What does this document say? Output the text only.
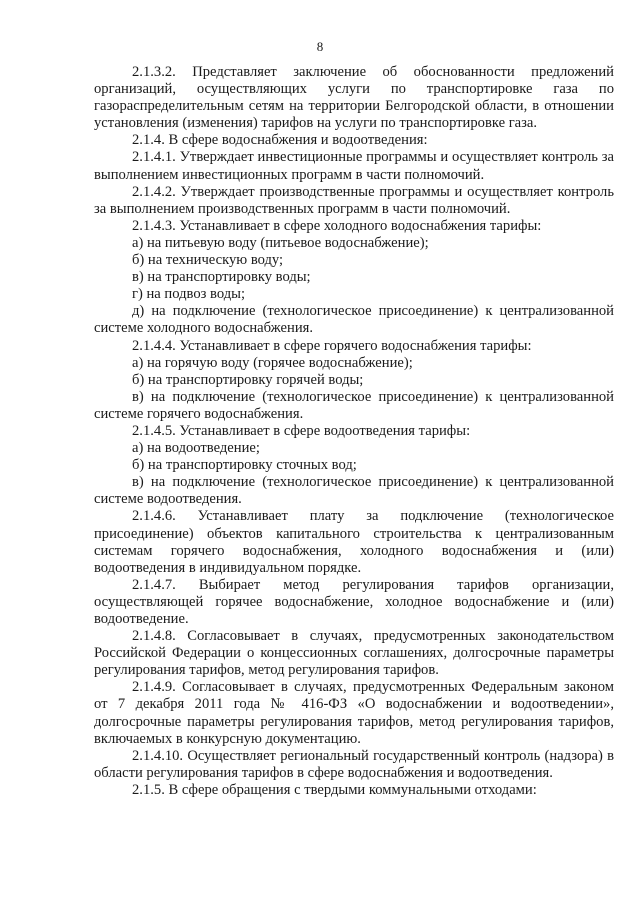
8

2.1.3.2. Представляет заключение об обоснованности предложений организаций, осуществляющих услуги по транспортировке газа по газораспределительным сетям на территории Белгородской области, в отношении установления (изменения) тарифов на услуги по транспортировке газа.

2.1.4. В сфере водоснабжения и водоотведения:

2.1.4.1. Утверждает инвестиционные программы и осуществляет контроль за выполнением инвестиционных программ в части полномочий.

2.1.4.2. Утверждает производственные программы и осуществляет контроль за выполнением производственных программ в части полномочий.

2.1.4.3. Устанавливает в сфере холодного водоснабжения тарифы:

а) на питьевую воду (питьевое водоснабжение);

б) на техническую воду;

в) на транспортировку воды;

г) на подвоз воды;

д) на подключение (технологическое присоединение) к централизованной системе холодного водоснабжения.

2.1.4.4. Устанавливает в сфере горячего водоснабжения тарифы:

а) на горячую воду (горячее водоснабжение);

б) на транспортировку горячей воды;

в) на подключение (технологическое присоединение) к централизованной системе горячего водоснабжения.

2.1.4.5. Устанавливает в сфере водоотведения тарифы:

а) на водоотведение;

б) на транспортировку сточных вод;

в) на подключение (технологическое присоединение) к централизованной системе водоотведения.

2.1.4.6. Устанавливает плату за подключение (технологическое присоединение) объектов капитального строительства к централизованным системам горячего водоснабжения, холодного водоснабжения и (или) водоотведения в индивидуальном порядке.

2.1.4.7. Выбирает метод регулирования тарифов организации, осуществляющей горячее водоснабжение, холодное водоснабжение и (или) водоотведение.

2.1.4.8. Согласовывает в случаях, предусмотренных законодательством Российской Федерации о концессионных соглашениях, долгосрочные параметры регулирования тарифов, метод регулирования тарифов.

2.1.4.9. Согласовывает в случаях, предусмотренных Федеральным законом от 7 декабря 2011 года № 416-ФЗ «О водоснабжении и водоотведении», долгосрочные параметры регулирования тарифов, метод регулирования тарифов, включаемых в конкурсную документацию.

2.1.4.10. Осуществляет региональный государственный контроль (надзора) в области регулирования тарифов в сфере водоснабжения и водоотведения.

2.1.5. В сфере обращения с твердыми коммунальными отходами:
